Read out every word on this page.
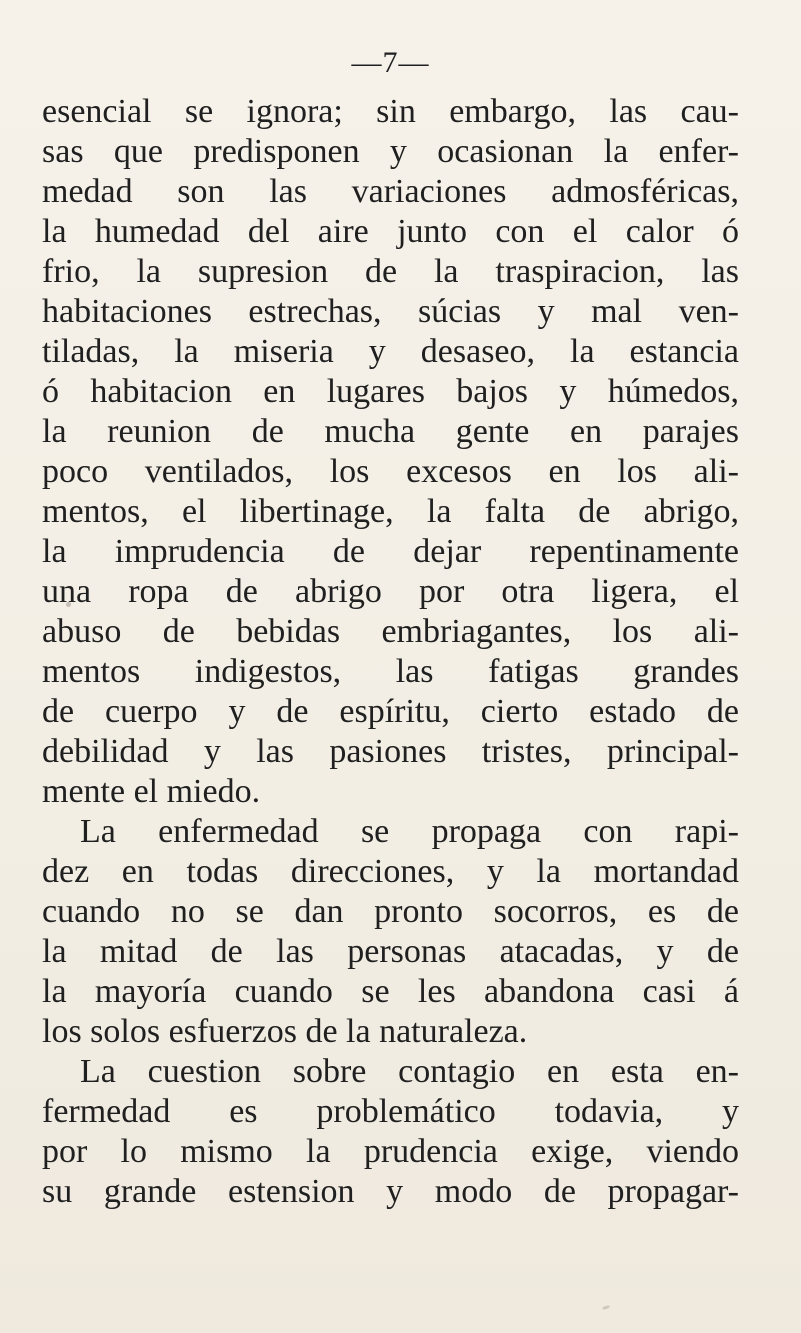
—7—
esencial se ignora; sin embargo, las cau-
sas que predisponen y ocasionan la enfer-
medad son las variaciones admosféricas,
la humedad del aire junto con el calor ó
frio, la supresion de la traspiracion, las
habitaciones estrechas, súcias y mal ven-
tiladas, la miseria y desaseo, la estancia
ó habitacion en lugares bajos y húmedos,
la reunion de mucha gente en parajes
poco ventilados, los excesos en los ali-
mentos, el libertinage, la falta de abrigo,
la imprudencia de dejar repentinamente
una ropa de abrigo por otra ligera, el
abuso de bebidas embriagantes, los ali-
mentos indigestos, las fatigas grandes
de cuerpo y de espíritu, cierto estado de
debilidad y las pasiones tristes, principal-
mente el miedo.
La enfermedad se propaga con rapi-
dez en todas direcciones, y la mortandad
cuando no se dan pronto socorros, es de
la mitad de las personas atacadas, y de
la mayoría cuando se les abandona casi á
los solos esfuerzos de la naturaleza.
La cuestion sobre contagio en esta en-
fermedad es problemático todavia, y
por lo mismo la prudencia exige, viendo
su grande estension y modo de propagar-
